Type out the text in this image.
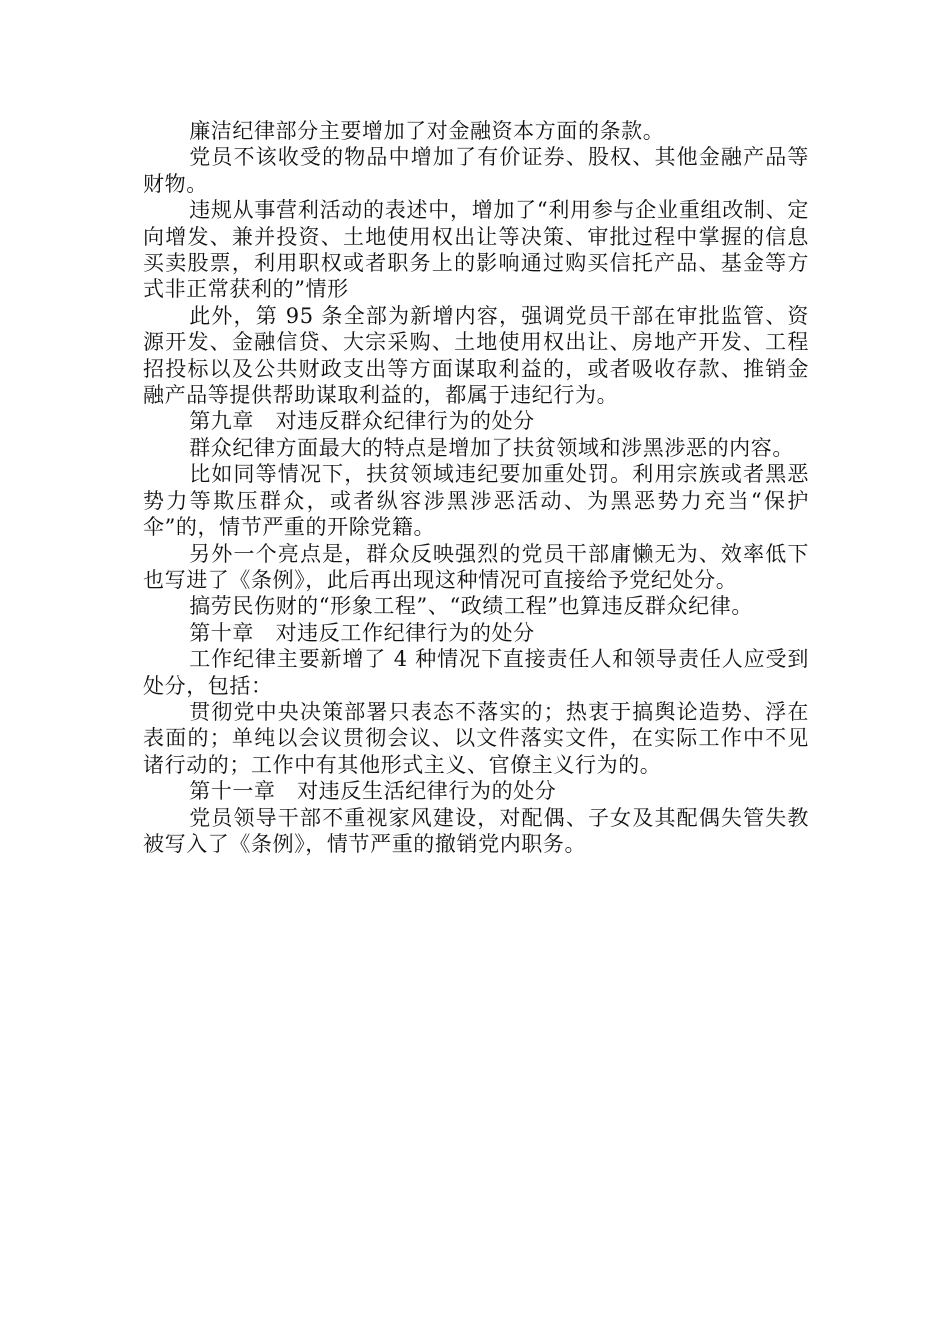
廉洁纪律部分主要增加了对金融资本方面的条款。

党员不该收受的物品中增加了有价证券、股权、其他金融产品等财物。

违规从事营利活动的表述中，增加了“利用参与企业重组改制、定向增发、兼并投资、土地使用权出让等决策、审批过程中掌握的信息买卖股票，利用职权或者职务上的影响通过购买信托产品、基金等方式非正常获利的”情形

此外，第 95 条全部为新增内容，强调党员干部在审批监管、资源开发、金融信贷、大宗采购、土地使用权出让、房地产开发、工程招投标以及公共财政支出等方面谋取利益的，或者吸收存款、推销金融产品等提供帮助谋取利益的，都属于违纪行为。

第九章　对违反群众纪律行为的处分

群众纪律方面最大的特点是增加了扶贫领域和涉黑涉恶的内容。

比如同等情况下，扶贫领域违纪要加重处罚。利用宗族或者黑恶势力等欺压群众，或者纵容涉黑涉恶活动、为黑恶势力充当“保护伞”的，情节严重的开除党籍。

另外一个亮点是，群众反映强烈的党员干部庸懒无为、效率低下也写进了《条例》，此后再出现这种情况可直接给予党纪处分。

搞劳民伤财的“形象工程”、“政绩工程”也算违反群众纪律。

第十章　对违反工作纪律行为的处分

工作纪律主要新增了 4 种情况下直接责任人和领导责任人应受到处分，包括：

贯彻党中央决策部署只表态不落实的；热衷于搞舆论造势、浮在表面的；单纯以会议贯彻会议、以文件落实文件，在实际工作中不见诸行动的；工作中有其他形式主义、官僚主义行为的。

第十一章　对违反生活纪律行为的处分

党员领导干部不重视家风建设，对配偶、子女及其配偶失管失教被写入了《条例》，情节严重的撤销党内职务。
